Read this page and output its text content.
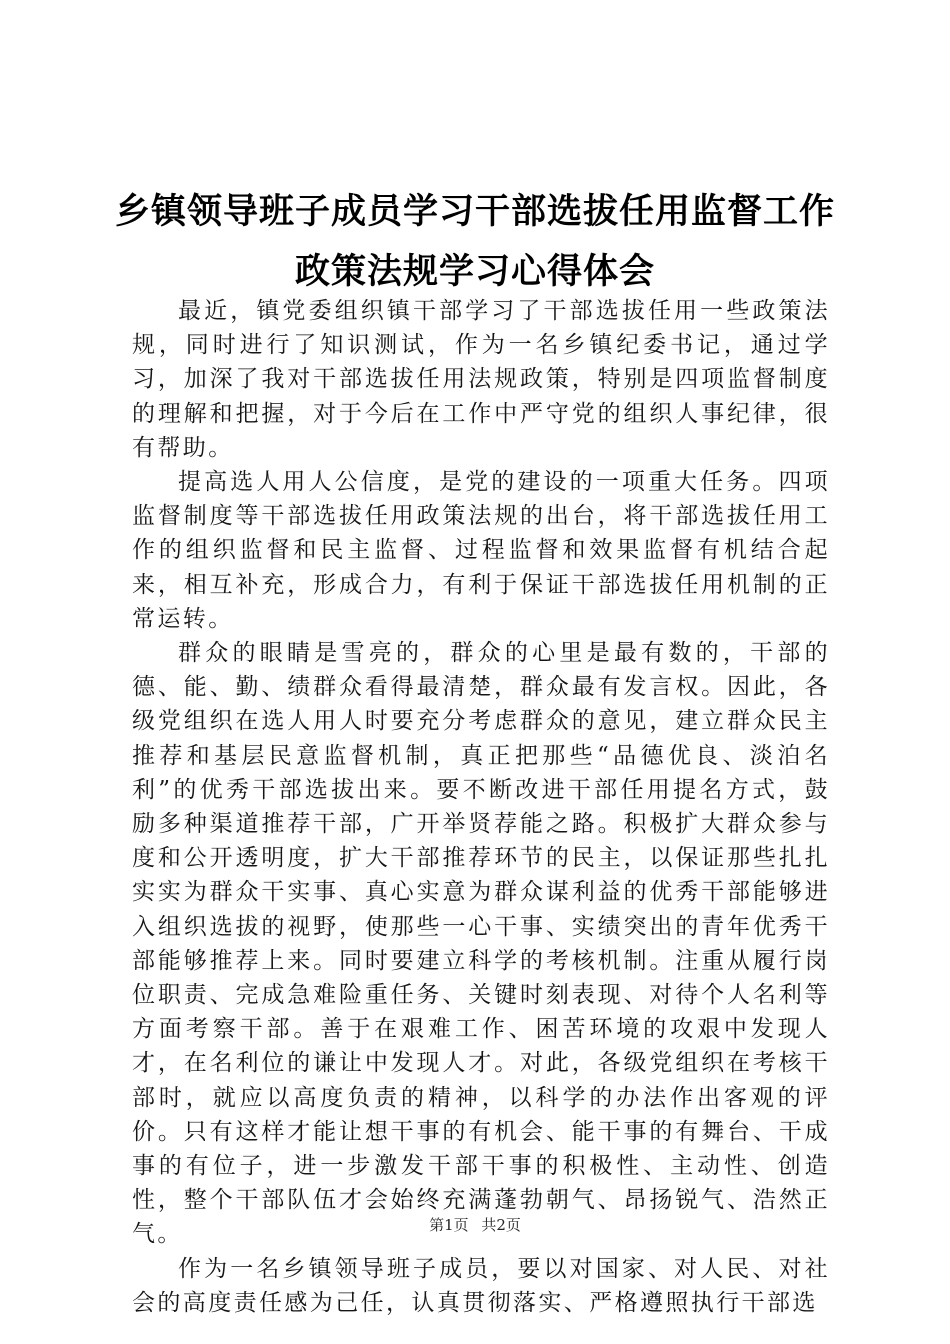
乡镇领导班子成员学习干部选拔任用监督工作
政策法规学习心得体会

最近，镇党委组织镇干部学习了干部选拔任用一些政策法规，同时进行了知识测试，作为一名乡镇纪委书记，通过学习，加深了我对干部选拔任用法规政策，特别是四项监督制度的理解和把握，对于今后在工作中严守党的组织人事纪律，很有帮助。

提高选人用人公信度，是党的建设的一项重大任务。四项监督制度等干部选拔任用政策法规的出台，将干部选拔任用工作的组织监督和民主监督、过程监督和效果监督有机结合起来，相互补充，形成合力，有利于保证干部选拔任用机制的正常运转。

群众的眼睛是雪亮的，群众的心里是最有数的，干部的德、能、勤、绩群众看得最清楚，群众最有发言权。因此，各级党组织在选人用人时要充分考虑群众的意见，建立群众民主推荐和基层民意监督机制，真正把那些“品德优良、淡泊名利”的优秀干部选拔出来。要不断改进干部任用提名方式，鼓励多种渠道推荐干部，广开举贤荐能之路。积极扩大群众参与度和公开透明度，扩大干部推荐环节的民主，以保证那些扎扎实实为群众干实事、真心实意为群众谋利益的优秀干部能够进入组织选拔的视野，使那些一心干事、实绩突出的青年优秀干部能够推荐上来。同时要建立科学的考核机制。注重从履行岗位职责、完成急难险重任务、关键时刻表现、对待个人名利等方面考察干部。善于在艰难工作、困苦环境的攻艰中发现人才，在名利位的谦让中发现人才。对此，各级党组织在考核干部时，就应以高度负责的精神，以科学的办法作出客观的评价。只有这样才能让想干事的有机会、能干事的有舞台、干成事的有位子，进一步激发干部干事的积极性、主动性、创造性，整个干部队伍才会始终充满蓬勃朝气、昂扬锐气、浩然正气。

作为一名乡镇领导班子成员，要以对国家、对人民、对社会的高度责任感为己任，认真贯彻落实、严格遵照执行干部选

第1页 共2页
